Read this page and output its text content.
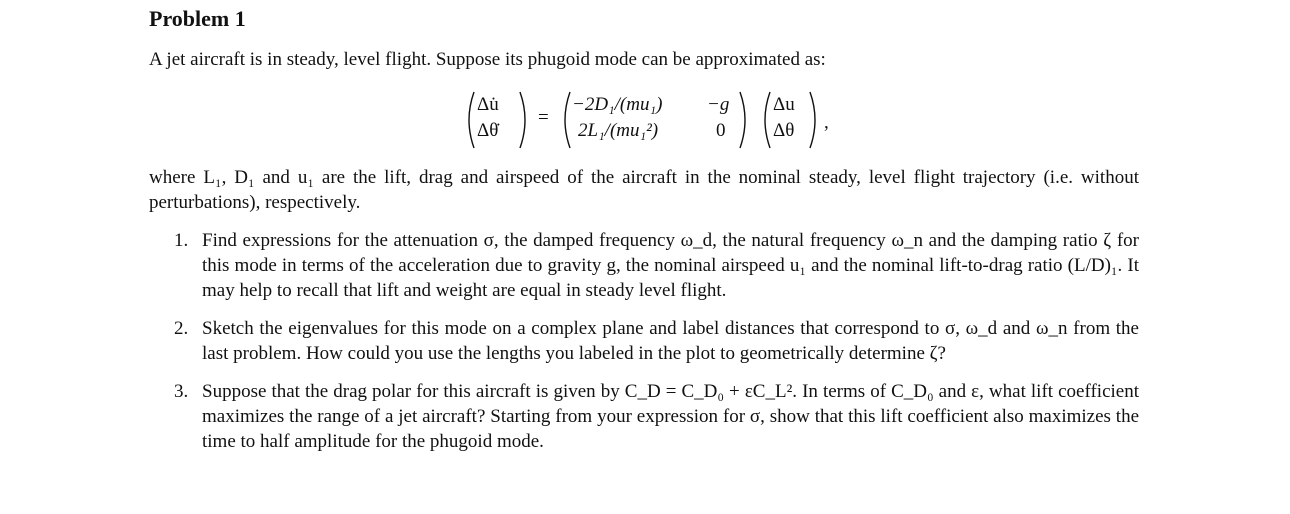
Problem 1
A jet aircraft is in steady, level flight. Suppose its phugoid mode can be approximated as:
Δu̇
Δθ̇
=
−2D₁/(mu₁) −g
2L₁/(mu₁²)	0
Δu
Δθ ,
where L₁, D₁ and u₁ are the lift, drag and airspeed of the aircraft in the nominal steady, level flight trajectory (i.e. without perturbations), respectively.
1. Find expressions for the attenuation σ, the damped frequency ω_d, the natural frequency ω_n and the damping ratio ζ for this mode in terms of the acceleration due to gravity g, the nominal airspeed u₁ and the nominal lift-to-drag ratio (L/D)₁. It may help to recall that lift and weight are equal in steady level flight.
2. Sketch the eigenvalues for this mode on a complex plane and label distances that correspond to σ, ω_d and ω_n from the last problem. How could you use the lengths you labeled in the plot to geometrically determine ζ?
3. Suppose that the drag polar for this aircraft is given by C_D = C_D₀ + εC_L². In terms of C_D₀ and ε, what lift coefficient maximizes the range of a jet aircraft? Starting from your expression for σ, show that this lift coefficient also maximizes the time to half amplitude for the phugoid mode.
